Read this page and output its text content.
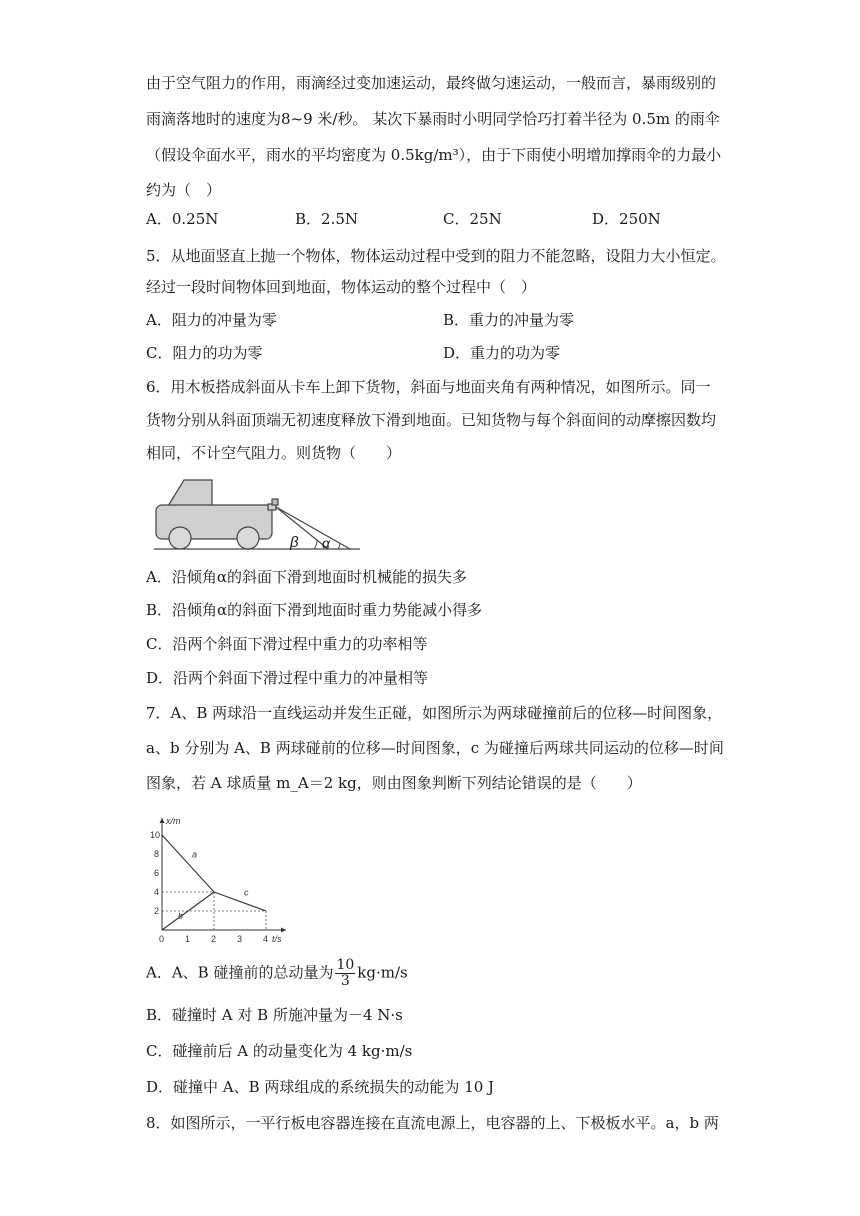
由于空气阻力的作用，雨滴经过变加速运动，最终做匀速运动，一般而言，暴雨级别的
雨滴落地时的速度为8~9 米/秒。 某次下暴雨时小明同学恰巧打着半径为 0.5m 的雨伞
（假设伞面水平，雨水的平均密度为 0.5kg/m³），由于下雨使小明增加撑雨伞的力最小
约为（　）
A．0.25N	B．2.5N	C．25N	D．250N
5．从地面竖直上抛一个物体，物体运动过程中受到的阻力不能忽略，设阻力大小恒定。
经过一段时间物体回到地面，物体运动的整个过程中（　）
A．阻力的冲量为零	B．重力的冲量为零
C．阻力的功为零	D．重力的功为零
6．用木板搭成斜面从卡车上卸下货物，斜面与地面夹角有两种情况，如图所示。同一
货物分别从斜面顶端无初速度释放下滑到地面。已知货物与每个斜面间的动摩擦因数均
相同，不计空气阻力。则货物（　　）
β α
A．沿倾角α的斜面下滑到地面时机械能的损失多
B．沿倾角α的斜面下滑到地面时重力势能减小得多
C．沿两个斜面下滑过程中重力的功率相等
D．沿两个斜面下滑过程中重力的冲量相等
7．A、B 两球沿一直线运动并发生正碰，如图所示为两球碰撞前后的位移—时间图象，
a、b 分别为 A、B 两球碰前的位移—时间图象，c 为碰撞后两球共同运动的位移—时间
图象，若 A 球质量 m_A＝2 kg，则由图象判断下列结论错误的是（　　）
x/m
t/s
0 1 2 3 4
2
4
6
8
10
a
b
c
A．A、B 碰撞前的总动量为 $\frac{10}{3} kg\cdot m/s$
B．碰撞时 A 对 B 所施冲量为－4 N·s
C．碰撞前后 A 的动量变化为 4 kg·m/s
D．碰撞中 A、B 两球组成的系统损失的动能为 10 J
8．如图所示，一平行板电容器连接在直流电源上，电容器的上、下极板水平。a，b 两
